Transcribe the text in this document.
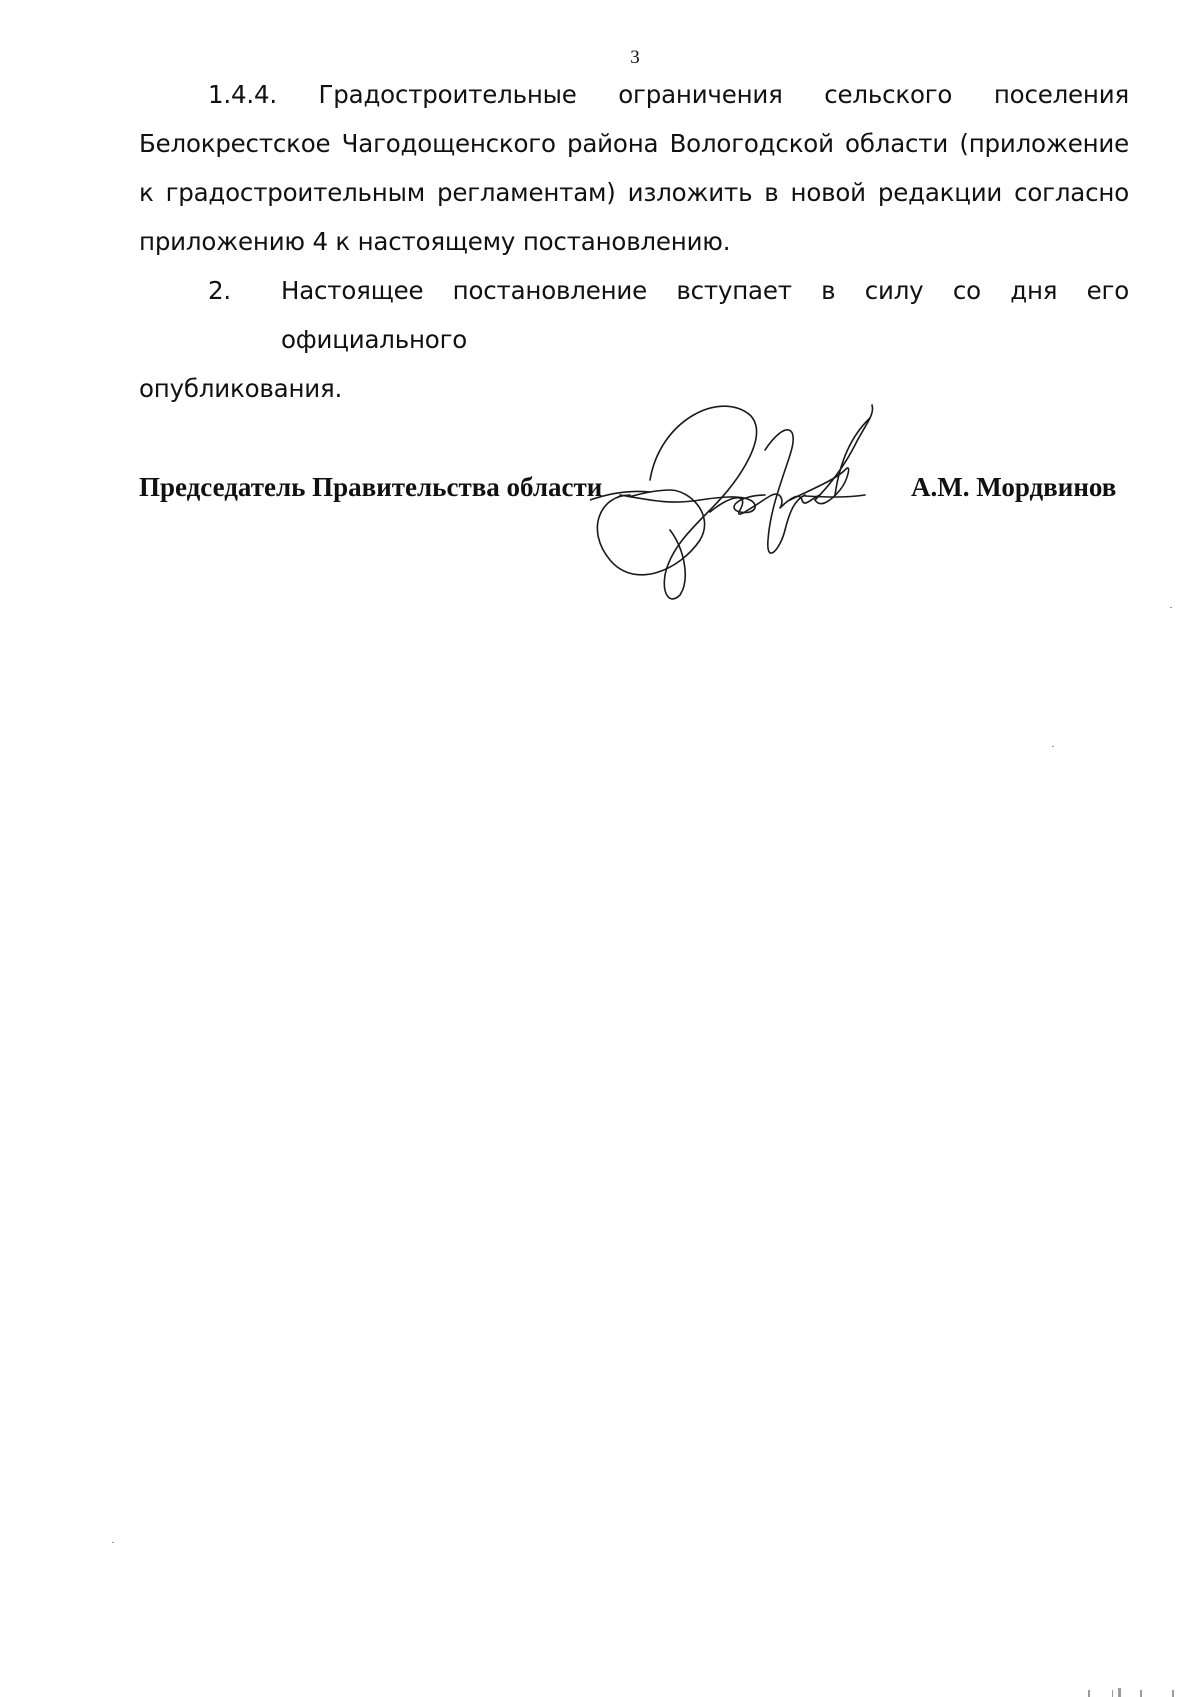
3

1.4.4. Градостроительные ограничения сельского поселения Белокрестское Чагодощенского района Вологодской области (приложение к градостроительным регламентам) изложить в новой редакции согласно приложению 4 к настоящему постановлению.

2.	Настоящее постановление вступает в силу со дня его официального

опубликования.

Председатель Правительства области	А.М. Мордвинов
